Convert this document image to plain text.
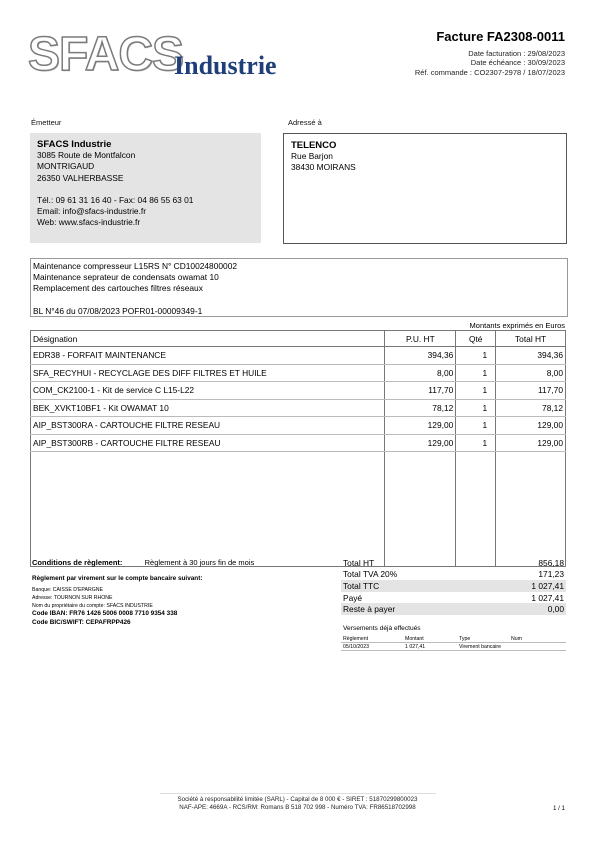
SFACS
Industrie
Facture FA2308-0011
Date facturation : 29/08/2023
Date échéance : 30/09/2023
Réf. commande : CO2307-2978 / 18/07/2023
Émetteur
SFACS Industrie
3085 Route de Montfalcon
MONTRIGAUD
26350 VALHERBASSE
Tél.: 09 61 31 16 40 - Fax: 04 86 55 63 01
Email: info@sfacs-industrie.fr
Web: www.sfacs-industrie.fr
Adressé à
TELENCO
Rue Barjon
38430 MOIRANS
Maintenance compresseur L15RS N° CD10024800002
Maintenance seprateur de condensats owamat 10
Remplacement des cartouches filtres réseaux
BL N°46 du 07/08/2023 POFR01-00009349-1
Montants exprimés en Euros
Désignation	P.U. HT	Qté	Total HT
EDR38 - FORFAIT MAINTENANCE	394,36	1	394,36
SFA_RECYHUI - RECYCLAGE DES DIFF FILTRES ET HUILE	8,00	1	8,00
COM_CK2100-1 - Kit de service C L15-L22	117,70	1	117,70
BEK_XVKT10BF1 - Kit OWAMAT 10	78,12	1	78,12
AIP_BST300RA - CARTOUCHE FILTRE RESEAU	129,00	1	129,00
AIP_BST300RB - CARTOUCHE FILTRE RESEAU	129,00	1	129,00

Conditions de règlement:	Règlement à 30 jours fin de mois
Règlement par virement sur le compte bancaire suivant:
Banque: CAISSE D'EPARGNE
Adresse: TOURNON SUR RHONE
Nom du propriétaire du compte: SFACS INDUSTRIE
Code IBAN: FR76 1426 5006 0008 7710 9354 338
Code BIC/SWIFT: CEPAFRPP426
Total HT	856,18
Total TVA 20%	171,23
Total TTC	1 027,41
Payé	1 027,41
Reste à payer	0,00
Versements déjà effectués
Règlement	Montant	Type	Num
05/10/2023	1 027,41	Virement bancaire	
Société à responsabilité limitée (SARL) - Capital de 8 000 € - SIRET : 51870299800023
NAF-APE: 4669A - RCS/RM: Romans B 518 702 998 - Numéro TVA: FR86518702998	1 / 1
